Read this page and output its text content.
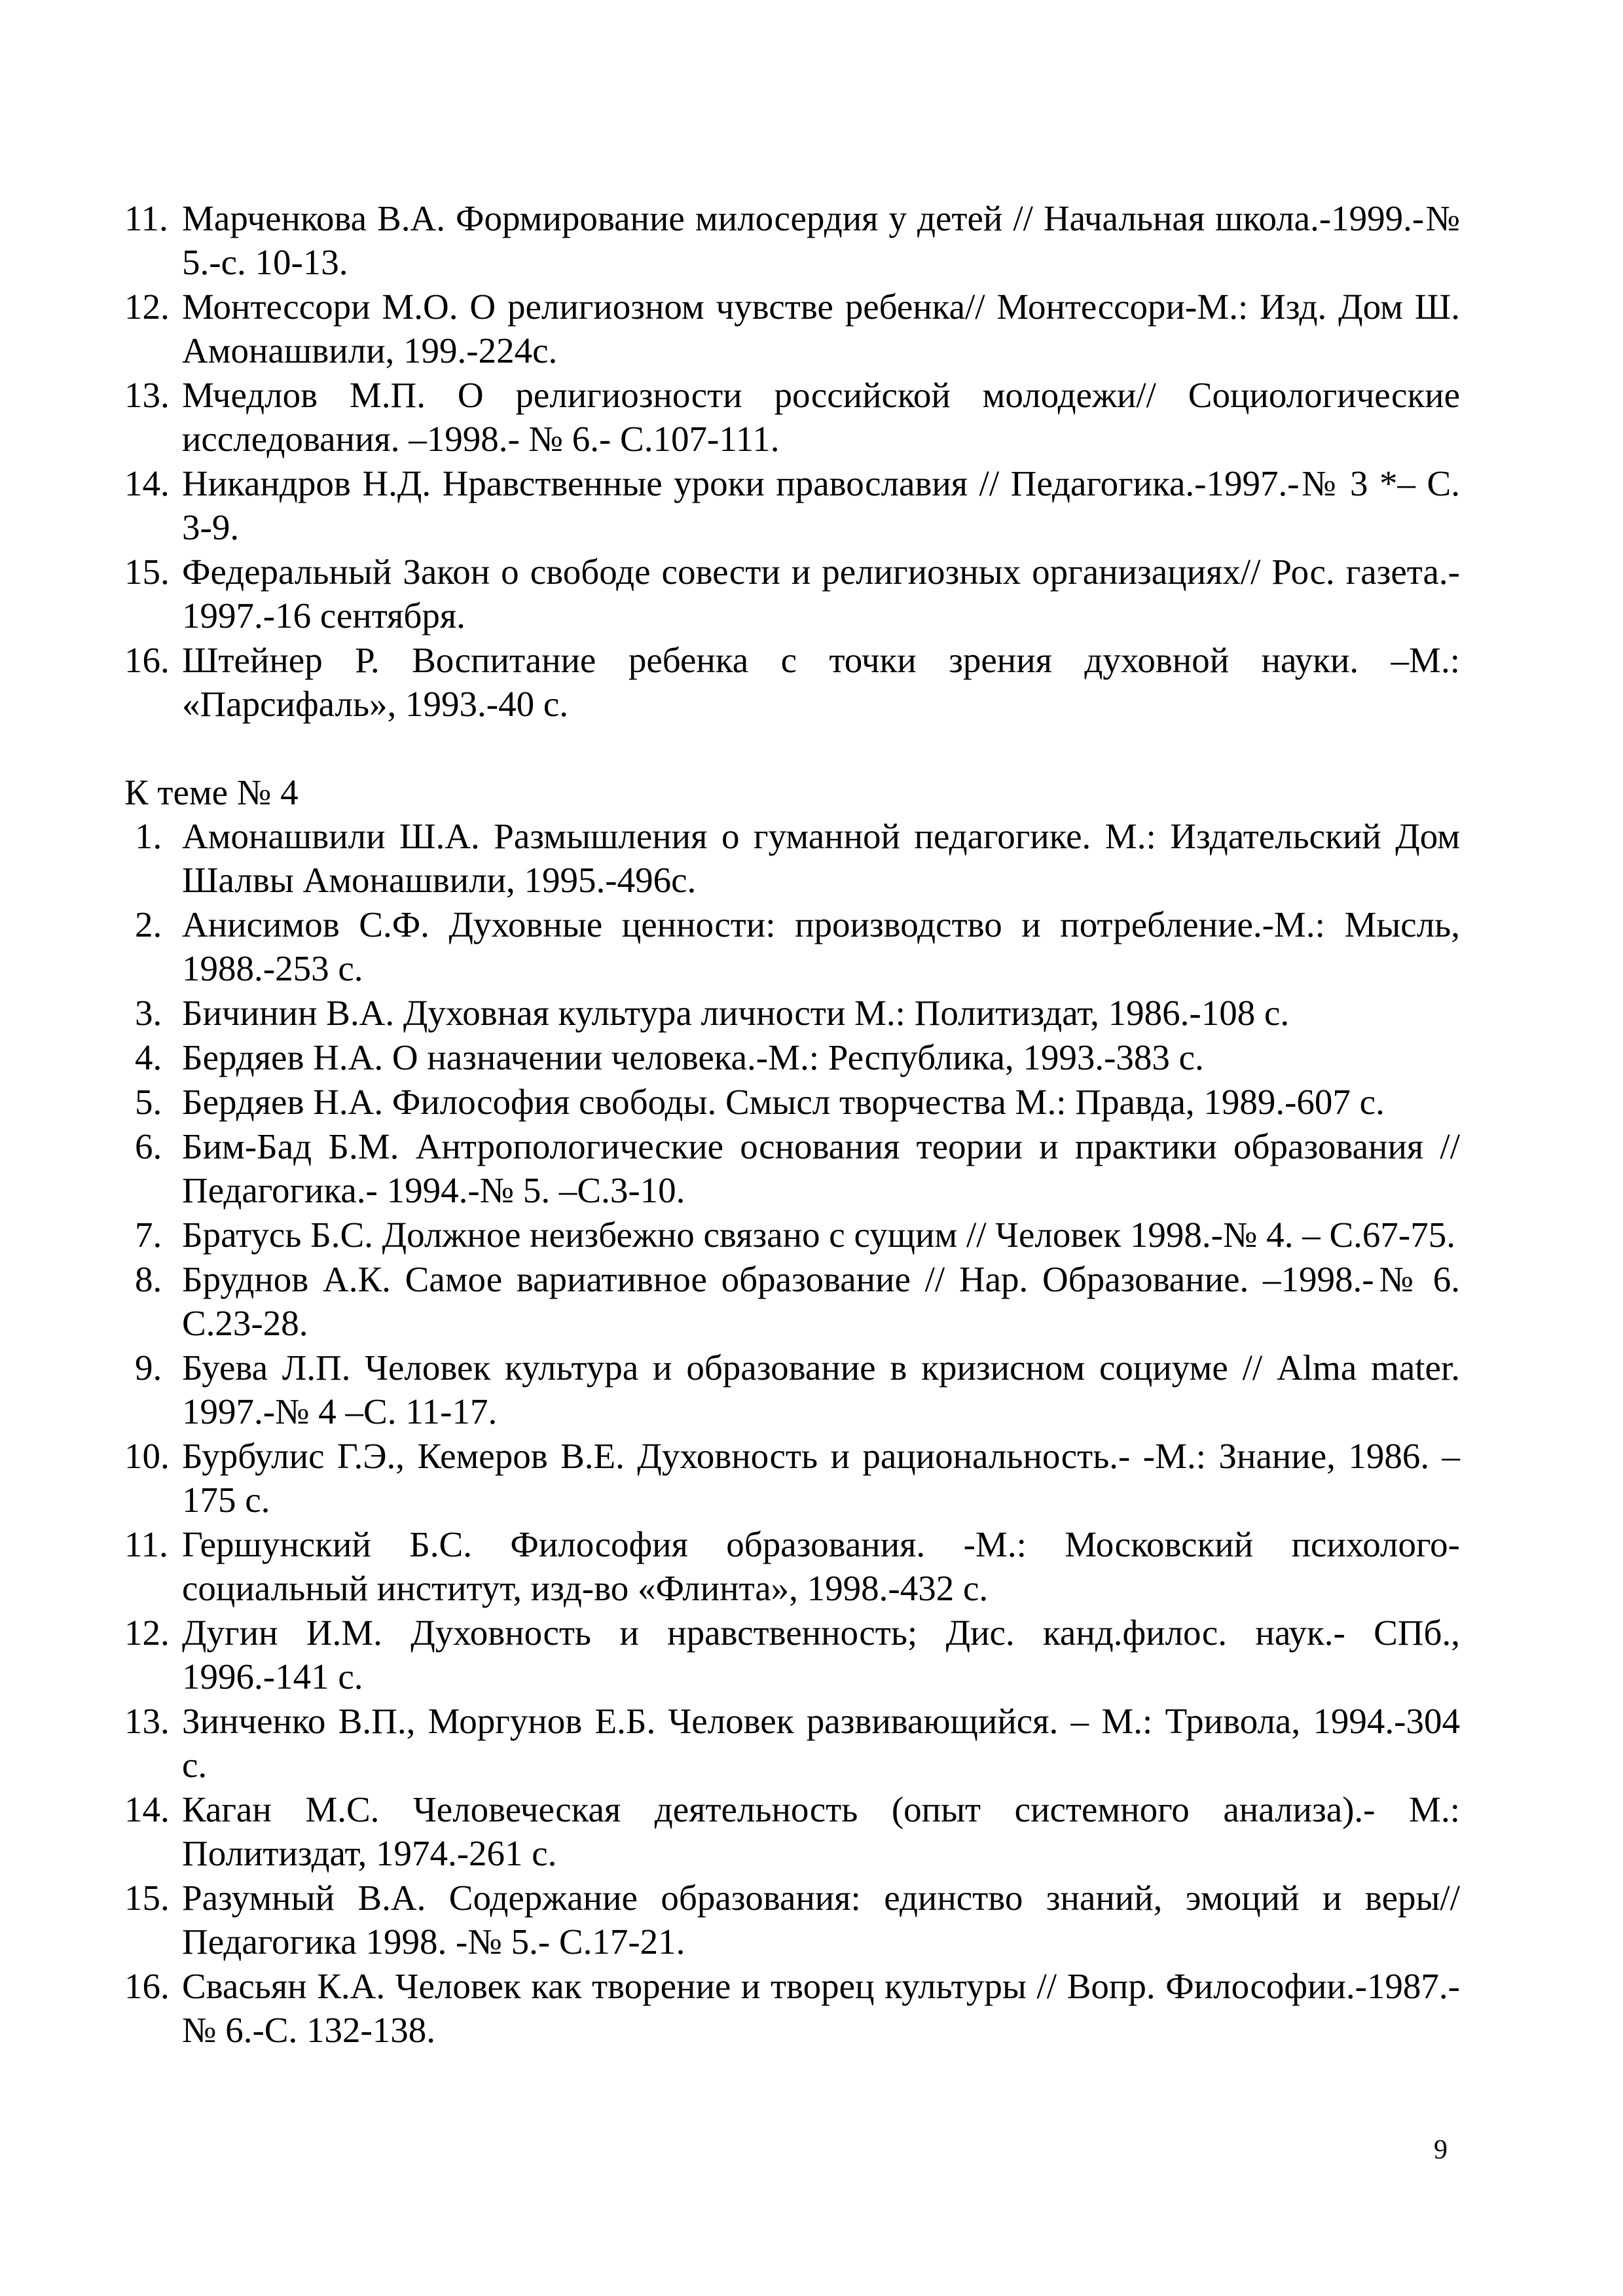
11. Марченкова В.А. Формирование милосердия у детей // Начальная школа.-1999.-№ 5.-с. 10-13.
12. Монтессори М.О. О религиозном чувстве ребенка// Монтессори-М.: Изд. Дом Ш. Амонашвили, 199.-224с.
13. Мчедлов М.П. О религиозности российской молодежи// Социологические исследования. –1998.- № 6.- С.107-111.
14. Никандров Н.Д. Нравственные уроки православия // Педагогика.-1997.-№ 3 *– С. 3-9.
15. Федеральный Закон о свободе совести и религиозных организациях// Рос. газета.- 1997.-16 сентября.
16. Штейнер Р. Воспитание ребенка с точки зрения духовной науки. –М.: «Парсифаль», 1993.-40 с.
К теме № 4
1. Амонашвили Ш.А. Размышления о гуманной педагогике. М.: Издательский Дом Шалвы Амонашвили, 1995.-496с.
2. Анисимов С.Ф. Духовные ценности: производство и потребление.-М.: Мысль, 1988.-253 с.
3. Бичинин В.А. Духовная культура личности М.: Политиздат, 1986.-108 с.
4. Бердяев Н.А. О назначении человека.-М.: Республика, 1993.-383 с.
5. Бердяев Н.А. Философия свободы. Смысл творчества М.: Правда, 1989.-607 с.
6. Бим-Бад Б.М. Антропологические основания теории и практики образования // Педагогика.- 1994.-№ 5. –С.3-10.
7. Братусь Б.С. Должное неизбежно связано с сущим // Человек 1998.-№ 4. – С.67-75.
8. Бруднов А.К. Самое вариативное образование // Нар. Образование. –1998.-№ 6. С.23-28.
9. Буева Л.П. Человек культура и образование в кризисном социуме // Alma mater. 1997.-№ 4 –С. 11-17.
10. Бурбулис Г.Э., Кемеров В.Е. Духовность и рациональность.- -М.: Знание, 1986. –175 с.
11. Гершунский Б.С. Философия образования. -М.: Московский психолого-социальный институт, изд-во «Флинта», 1998.-432 с.
12. Дугин И.М. Духовность и нравственность; Дис. канд.филос. наук.- СПб., 1996.-141 с.
13. Зинченко В.П., Моргунов Е.Б. Человек развивающийся. – М.: Тривола, 1994.-304 с.
14. Каган М.С. Человеческая деятельность (опыт системного анализа).- М.: Политиздат, 1974.-261 с.
15. Разумный В.А. Содержание образования: единство знаний, эмоций и веры// Педагогика 1998. -№ 5.- С.17-21.
16. Свасьян К.А. Человек как творение и творец культуры // Вопр. Философии.-1987.-№ 6.-С. 132-138.
9
